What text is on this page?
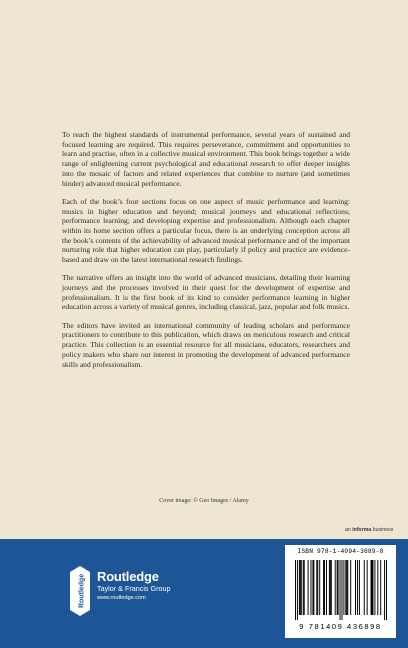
To reach the highest standards of instrumental performance, several years of sustained and focused learning are required. This requires perseverance, commitment and opportunities to learn and practise, often in a collective musical environment. This book brings together a wide range of enlightening current psychological and educational research to offer deeper insights into the mosaic of factors and related experiences that combine to nurture (and sometimes hinder) advanced musical performance.

Each of the book’s four sections focus on one aspect of music performance and learning: musics in higher education and beyond; musical journeys and educational reflections; performance learning; and developing expertise and professionalism. Although each chapter within its home section offers a particular focus, there is an underlying conception across all the book’s contents of the achievability of advanced musical performance and of the important nurturing role that higher education can play, particularly if policy and practice are evidence-based and draw on the latest international research findings.

The narrative offers an insight into the world of advanced musicians, detailing their learning journeys and the processes involved in their quest for the development of expertise and professionalism. It is the first book of its kind to consider performance learning in higher education across a variety of musical genres, including classical, jazz, popular and folk musics.

The editors have invited an international community of leading scholars and performance practitioners to contribute to this publication, which draws on meticulous research and critical practice. This collection is an essential resource for all musicians, educators, researchers and policy makers who share our interest in promoting the development of advanced performance skills and professionalism.

Cover image: © Geo Images / Alamy
an informa business
Routledge Routledge
Taylor & Francis Group
www.routledge.com
ISBN 978-1-4094-3689-8
9 781409 436898
